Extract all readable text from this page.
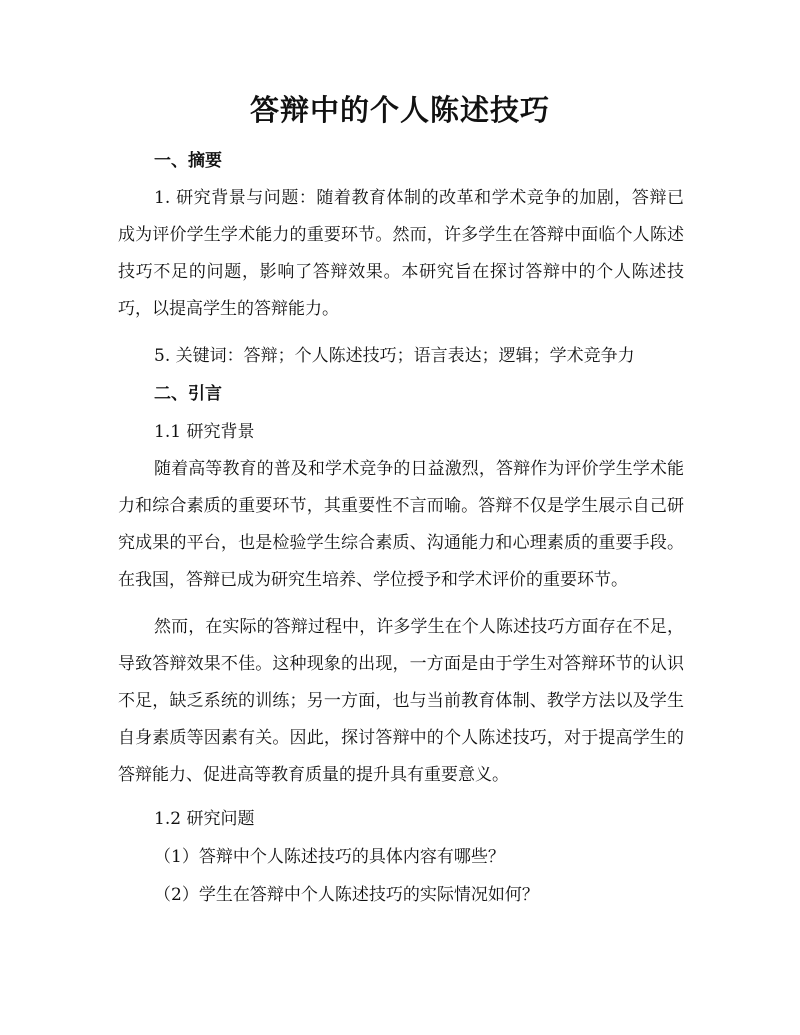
答辩中的个人陈述技巧
一、摘要

1. 研究背景与问题：随着教育体制的改革和学术竞争的加剧，答辩已成为评价学生学术能力的重要环节。然而，许多学生在答辩中面临个人陈述技巧不足的问题，影响了答辩效果。本研究旨在探讨答辩中的个人陈述技巧，以提高学生的答辩能力。

5. 关键词：答辩；个人陈述技巧；语言表达；逻辑；学术竞争力

二、引言
1.1 研究背景

随着高等教育的普及和学术竞争的日益激烈，答辩作为评价学生学术能力和综合素质的重要环节，其重要性不言而喻。答辩不仅是学生展示自己研究成果的平台，也是检验学生综合素质、沟通能力和心理素质的重要手段。在我国，答辩已成为研究生培养、学位授予和学术评价的重要环节。

然而，在实际的答辩过程中，许多学生在个人陈述技巧方面存在不足，导致答辩效果不佳。这种现象的出现，一方面是由于学生对答辩环节的认识不足，缺乏系统的训练；另一方面，也与当前教育体制、教学方法以及学生自身素质等因素有关。因此，探讨答辩中的个人陈述技巧，对于提高学生的答辩能力、促进高等教育质量的提升具有重要意义。

1.2 研究问题
（1）答辩中个人陈述技巧的具体内容有哪些？
（2）学生在答辩中个人陈述技巧的实际情况如何？
